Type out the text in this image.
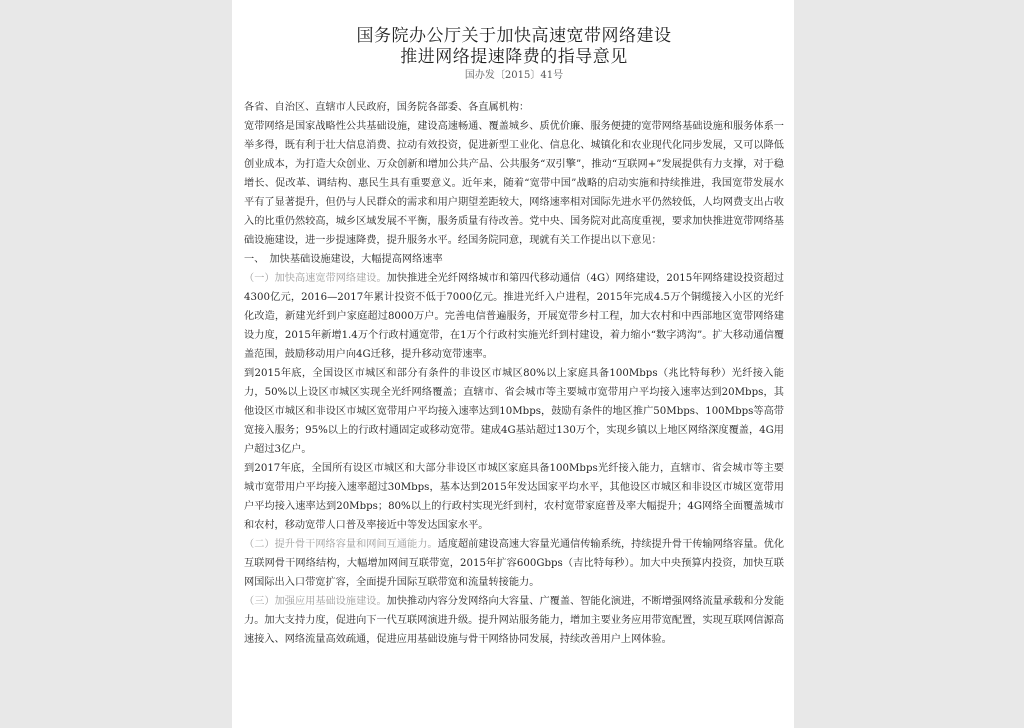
国务院办公厅关于加快高速宽带网络建设
推进网络提速降费的指导意见
国办发〔2015〕41号

各省、自治区、直辖市人民政府，国务院各部委、各直属机构：

宽带网络是国家战略性公共基础设施，建设高速畅通、覆盖城乡、质优价廉、服务便捷的宽带网络基础设施和服务体系一举多得，既有利于壮大信息消费、拉动有效投资，促进新型工业化、信息化、城镇化和农业现代化同步发展，又可以降低创业成本，为打造大众创业、万众创新和增加公共产品、公共服务“双引擎”，推动“互联网+”发展提供有力支撑，对于稳增长、促改革、调结构、惠民生具有重要意义。近年来，随着“宽带中国”战略的启动实施和持续推进，我国宽带发展水平有了显著提升，但仍与人民群众的需求和用户期望差距较大，网络速率相对国际先进水平仍然较低，人均网费支出占收入的比重仍然较高，城乡区域发展不平衡，服务质量有待改善。党中央、国务院对此高度重视，要求加快推进宽带网络基础设施建设，进一步提速降费，提升服务水平。经国务院同意，现就有关工作提出以下意见：

一、　加快基础设施建设，大幅提高网络速率

（一）加快高速宽带网络建设。加快推进全光纤网络城市和第四代移动通信（4G）网络建设，2015年网络建设投资超过4300亿元，2016—2017年累计投资不低于7000亿元。推进光纤入户进程，2015年完成4.5万个铜缆接入小区的光纤化改造，新建光纤到户家庭超过8000万户。完善电信普遍服务，开展宽带乡村工程，加大农村和中西部地区宽带网络建设力度，2015年新增1.4万个行政村通宽带，在1万个行政村实施光纤到村建设，着力缩小“数字鸿沟”。扩大移动通信覆盖范围，鼓励移动用户向4G迁移，提升移动宽带速率。

到2015年底，全国设区市城区和部分有条件的非设区市城区80%以上家庭具备100Mbps（兆比特每秒）光纤接入能力，50%以上设区市城区实现全光纤网络覆盖；直辖市、省会城市等主要城市宽带用户平均接入速率达到20Mbps，其他设区市城区和非设区市城区宽带用户平均接入速率达到10Mbps，鼓励有条件的地区推广50Mbps、100Mbps等高带宽接入服务；95%以上的行政村通固定或移动宽带。建成4G基站超过130万个，实现乡镇以上地区网络深度覆盖，4G用户超过3亿户。

到2017年底，全国所有设区市城区和大部分非设区市城区家庭具备100Mbps光纤接入能力，直辖市、省会城市等主要城市宽带用户平均接入速率超过30Mbps，基本达到2015年发达国家平均水平，其他设区市城区和非设区市城区宽带用户平均接入速率达到20Mbps；80%以上的行政村实现光纤到村，农村宽带家庭普及率大幅提升；4G网络全面覆盖城市和农村，移动宽带人口普及率接近中等发达国家水平。

（二）提升骨干网络容量和网间互通能力。适度超前建设高速大容量光通信传输系统，持续提升骨干传输网络容量。优化互联网骨干网络结构，大幅增加网间互联带宽，2015年扩容600Gbps（吉比特每秒）。加大中央预算内投资，加快互联网国际出入口带宽扩容，全面提升国际互联带宽和流量转接能力。

（三）加强应用基础设施建设。加快推动内容分发网络向大容量、广覆盖、智能化演进，不断增强网络流量承载和分发能力。加大支持力度，促进向下一代互联网演进升级。提升网站服务能力，增加主要业务应用带宽配置，实现互联网信源高速接入、网络流量高效疏通，促进应用基础设施与骨干网络协同发展，持续改善用户上网体验。
